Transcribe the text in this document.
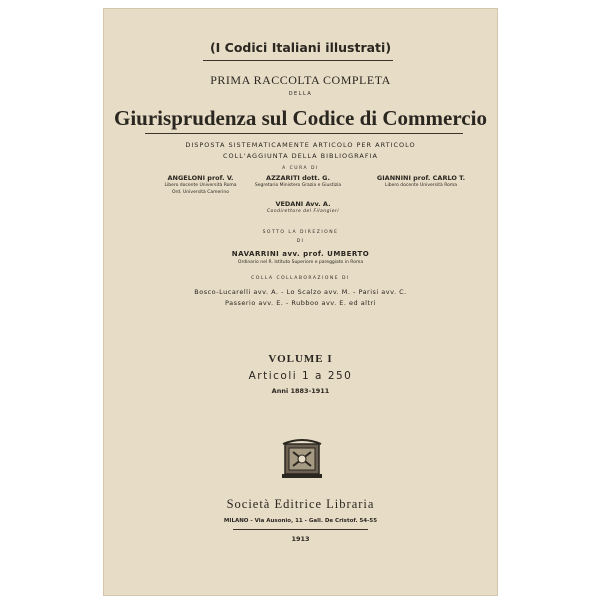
(I Codici Italiani illustrati)
PRIMA RACCOLTA COMPLETA
DELLA
Giurisprudenza sul Codice di Commercio
DISPOSTA SISTEMATICAMENTE ARTICOLO PER ARTICOLO
COLL'AGGIUNTA DELLA BIBLIOGRAFIA
A CURA DI
ANGELONI prof. V.
Libero docente Università Roma
Ord. Università Camerino
AZZARITI dott. G.
Segretario Ministero Grazia e Giustizia
GIANNINI prof. CARLO T.
Libero docente Università Roma
VEDANI Avv. A.
Condirettore del Filangieri
SOTTO LA DIREZIONE
DI
NAVARRINI avv. prof. UMBERTO
Ordinario nel R. Istituto Superiore e pareggiato in Roma
COLLA COLLABORAZIONE DI
Bosco-Lucarelli avv. A. - Lo Scalzo avv. M. - Parisi avv. C.
Passerio avv. E. - Rubboo avv. E. ed altri
VOLUME I
Articoli 1 a 250
Anni 1883-1911
Società Editrice Libraria
MILANO - Via Ausonio, 11 - Gall. De Cristof. 54-55
1913
